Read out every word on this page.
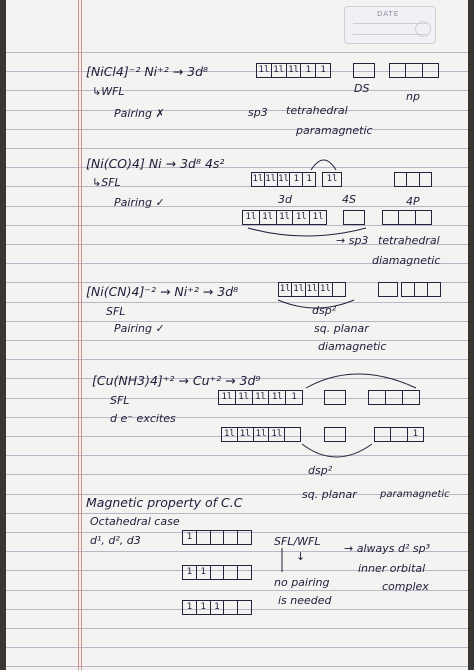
DATE
[NiCl4]⁻² Ni⁺² → 3d⁸	1l 1l 1l 1	1
↳WFL	DS
np
Pairing ✗	sp3 tetrahedral
paramagnetic
[Ni(CO)4] Ni → 3d⁸ 4s²
1l 1l 1l 1 1	1l
↳SFL
Pairing ✓	3d	4S	4P
1l 1l 1l 1l 1l
→ sp3 tetrahedral
diamagnetic
[Ni(CN)4]⁻² → Ni⁺² → 3d⁸	1l 1l 1l 1l
SFL	dsp²
Pairing ✓	sq. planar
diamagnetic
[Cu(NH3)4]⁺² → Cu⁺² → 3d⁹
1l 1l 1l 1l 1
SFL
d e⁻ excites
1l 1l 1l 1l	1
dsp²
sq. planar paramagnetic
Magnetic property of C.C
Octahedral case
d¹, d², d3	1	SFL/WFL
↓
→ always d² sp³
inner orbital
1 1
no pairing	complex
is needed
1 1 1
